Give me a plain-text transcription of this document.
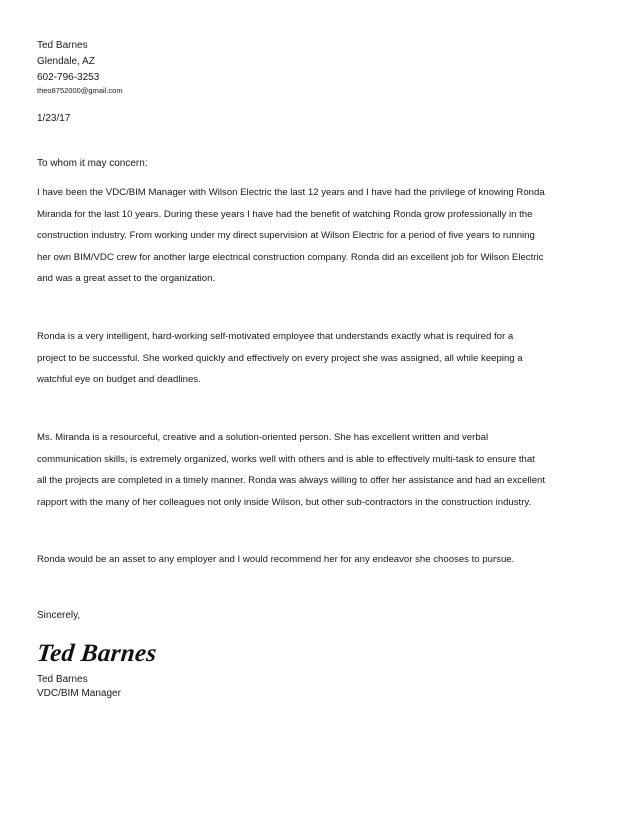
Ted Barnes
Glendale, AZ
602-796-3253
theo8752000@gmail.com
1/23/17
To whom it may concern:
I have been the VDC/BIM Manager with Wilson Electric the last 12 years and I have had the privilege of knowing Ronda
Miranda for the last 10 years. During these years I have had the benefit of watching Ronda grow professionally in the
construction industry. From working under my direct supervision at Wilson Electric for a period of five years to running
her own BIM/VDC crew for another large electrical construction company. Ronda did an excellent job for Wilson Electric
and was a great asset to the organization.
Ronda is a very intelligent, hard-working self-motivated employee that understands exactly what is required for a
project to be successful. She worked quickly and effectively on every project she was assigned, all while keeping a
watchful eye on budget and deadlines.
Ms. Miranda is a resourceful, creative and a solution-oriented person. She has excellent written and verbal
communication skills, is extremely organized, works well with others and is able to effectively multi-task to ensure that
all the projects are completed in a timely manner. Ronda was always willing to offer her assistance and had an excellent
rapport with the many of her colleagues not only inside Wilson, but other sub-contractors in the construction industry.
Ronda would be an asset to any employer and I would recommend her for any endeavor she chooses to pursue.
Sincerely,
Ted Barnes
Ted Barnes
VDC/BIM Manager
